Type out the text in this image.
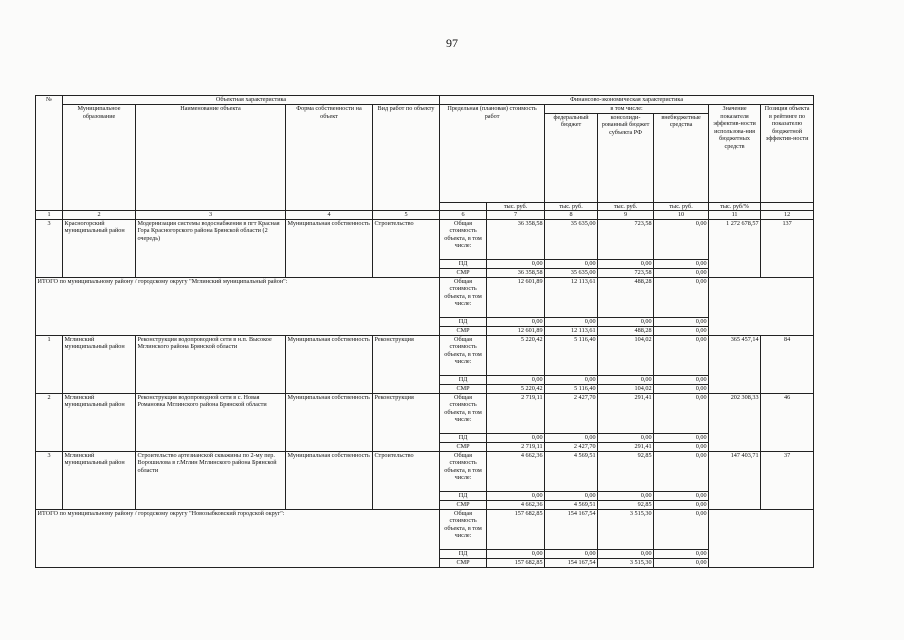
97
№	Объектная характеристика				Финансово-экономическая характеристика						
	Муниципальное образование	Наименование объекта	Форма собственности на объект	Вид работ по объекту	Предельная (плановая) стоимость работ		в том числе:			Значение показателя эффектив-ности использова-ния бюджетных средств	Позиция объекта в рейтинге по показателю бюджетной эффектив-ности
							федеральный бюджет	консолиди-рованный бюджет субъекта РФ	внебюджетные средства		
						тыс. руб.	тыс. руб.	тыс. руб.	тыс. руб.	тыс. руб/%	
1	2	3	4	5	6	7	8	9	10	11	12
3	Красногорский муниципальный район	Модернизация системы водоснабжения в пгт Красная Гора Красногорского района Брянской области (2 очередь)	Муниципальная собственность	Строительство	Общая стоимость объекта, в том числе:	36 358,58	35 635,00	723,58	0,00	1 272 678,57	137
					ПД	0,00	0,00	0,00	0,00		
					СМР	36 358,58	35 635,00	723,58	0,00		
ИТОГО по муниципальному району / городскому округу "Мглинский муниципальный район":					Общая стоимость объекта, в том числе:	12 601,89	12 113,61	488,28	0,00		
					ПД	0,00	0,00	0,00	0,00		
					СМР	12 601,89	12 113,61	488,28	0,00		
1	Мглинский муниципальный район	Реконструкция водопроводной сети в н.п. Высокое Мглинского района Брянской области	Муниципальная собственность	Реконструкция	Общая стоимость объекта, в том числе:	5 220,42	5 116,40	104,02	0,00	365 457,14	84
					ПД	0,00	0,00	0,00	0,00		
					СМР	5 220,42	5 116,40	104,02	0,00		
2	Мглинский муниципальный район	Реконструкция водопроводной сети в с. Новая Романовка Мглинского района Брянской области	Муниципальная собственность	Реконструкция	Общая стоимость объекта, в том числе:	2 719,11	2 427,70	291,41	0,00	202 308,33	46
					ПД	0,00	0,00	0,00	0,00		
					СМР	2 719,11	2 427,70	291,41	0,00		
3	Мглинский муниципальный район	Строительство артезианской скважины по 2-му пер. Ворошилова в г.Мглин Мглинского района Брянской области	Муниципальная собственность	Строительство	Общая стоимость объекта, в том числе:	4 662,36	4 569,51	92,85	0,00	147 403,71	37
					ПД	0,00	0,00	0,00	0,00		
					СМР	4 662,36	4 569,51	92,85	0,00		
ИТОГО по муниципальному району / городскому округу "Новозыбковский городской округ":					Общая стоимость объекта, в том числе:	157 682,85	154 167,54	3 515,30	0,00		
					ПД	0,00	0,00	0,00	0,00		
					СМР	157 682,85	154 167,54	3 515,30	0,00		
